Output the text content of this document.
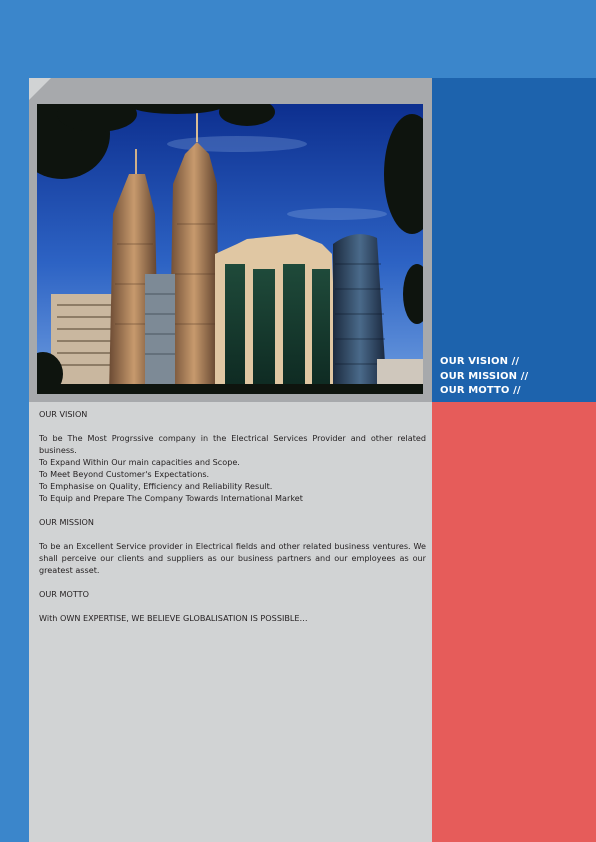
OUR VISION //
OUR MISSION //
OUR MOTTO //

OUR VISION

To be The Most Progrssive company in the Electrical Services Provider and other related business.

To Expand Within Our main capacities and Scope.

To Meet Beyond Customer's Expectations.

To Emphasise on Quality, Efficiency and Reliability Result.

To Equip and Prepare The Company Towards International Market

OUR MISSION

To be an Excellent Service provider in Electrical fields and other related business ventures. We shall perceive our clients and suppliers as our business partners and our employees as our greatest asset.

OUR MOTTO

With OWN EXPERTISE, WE BELIEVE GLOBALISATION IS POSSIBLE…
